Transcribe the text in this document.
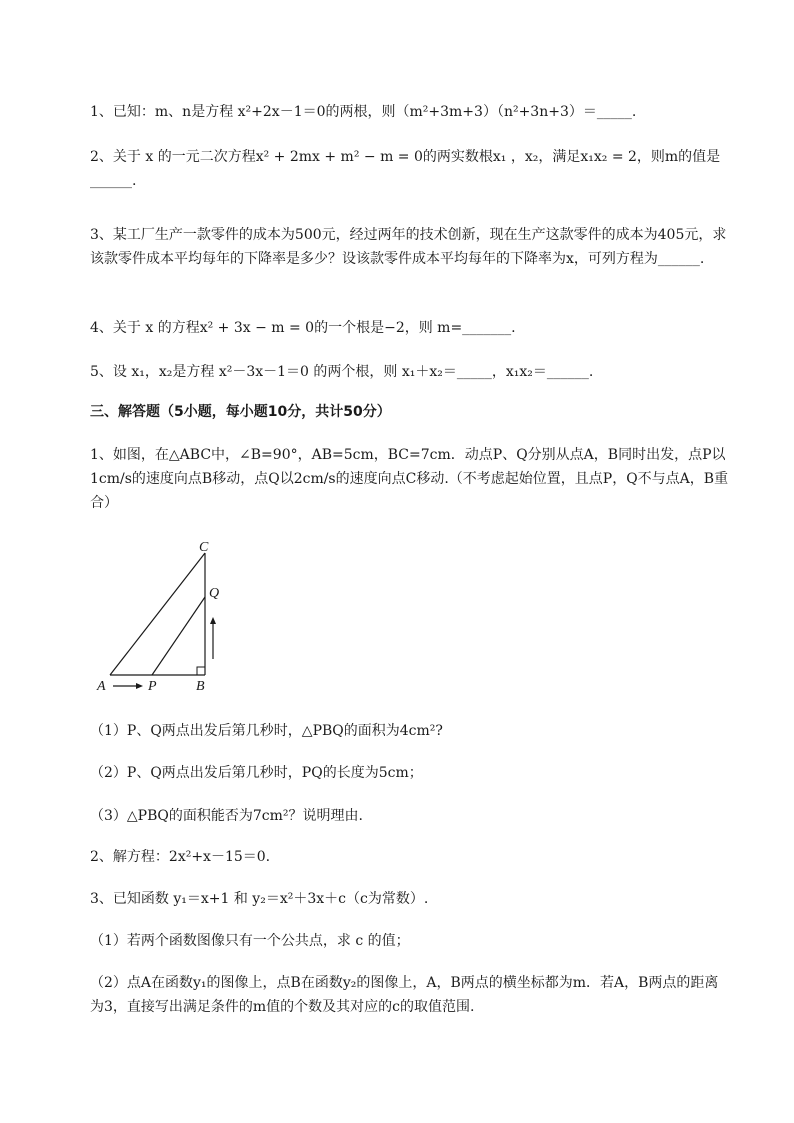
1、已知：m、n是方程 x²+2x－1＝0的两根，则（m²+3m+3）（n²+3n+3）＝_____.
2、关于 x 的一元二次方程x² + 2mx + m² − m = 0的两实数根x₁ ，x₂，满足x₁x₂ = 2，则m的值是______.
3、某工厂生产一款零件的成本为500元，经过两年的技术创新，现在生产这款零件的成本为405元，求该款零件成本平均每年的下降率是多少？设该款零件成本平均每年的下降率为x，可列方程为______.
4、关于 x 的方程x² + 3x − m = 0的一个根是−2，则 m=_______.
5、设 x₁，x₂是方程 x²－3x－1＝0 的两个根，则 x₁＋x₂＝_____，x₁x₂＝______.
三、解答题（5小题，每小题10分，共计50分）
1、如图，在△ABC中，∠B=90°，AB=5cm，BC=7cm．动点P、Q分别从点A，B同时出发，点P以1cm/s的速度向点B移动，点Q以2cm/s的速度向点C移动.（不考虑起始位置，且点P，Q不与点A，B重合）
C
Q
A	P	B
（1）P、Q两点出发后第几秒时，△PBQ的面积为4cm²?
（2）P、Q两点出发后第几秒时，PQ的长度为5cm；
（3）△PBQ的面积能否为7cm²？说明理由.
2、解方程：2x²+x－15＝0.
3、已知函数 y₁＝x+1 和 y₂＝x²＋3x＋c（c为常数）.
（1）若两个函数图像只有一个公共点，求 c 的值；
（2）点A在函数y₁的图像上，点B在函数y₂的图像上，A，B两点的横坐标都为m．若A，B两点的距离为3，直接写出满足条件的m值的个数及其对应的c的取值范围.
